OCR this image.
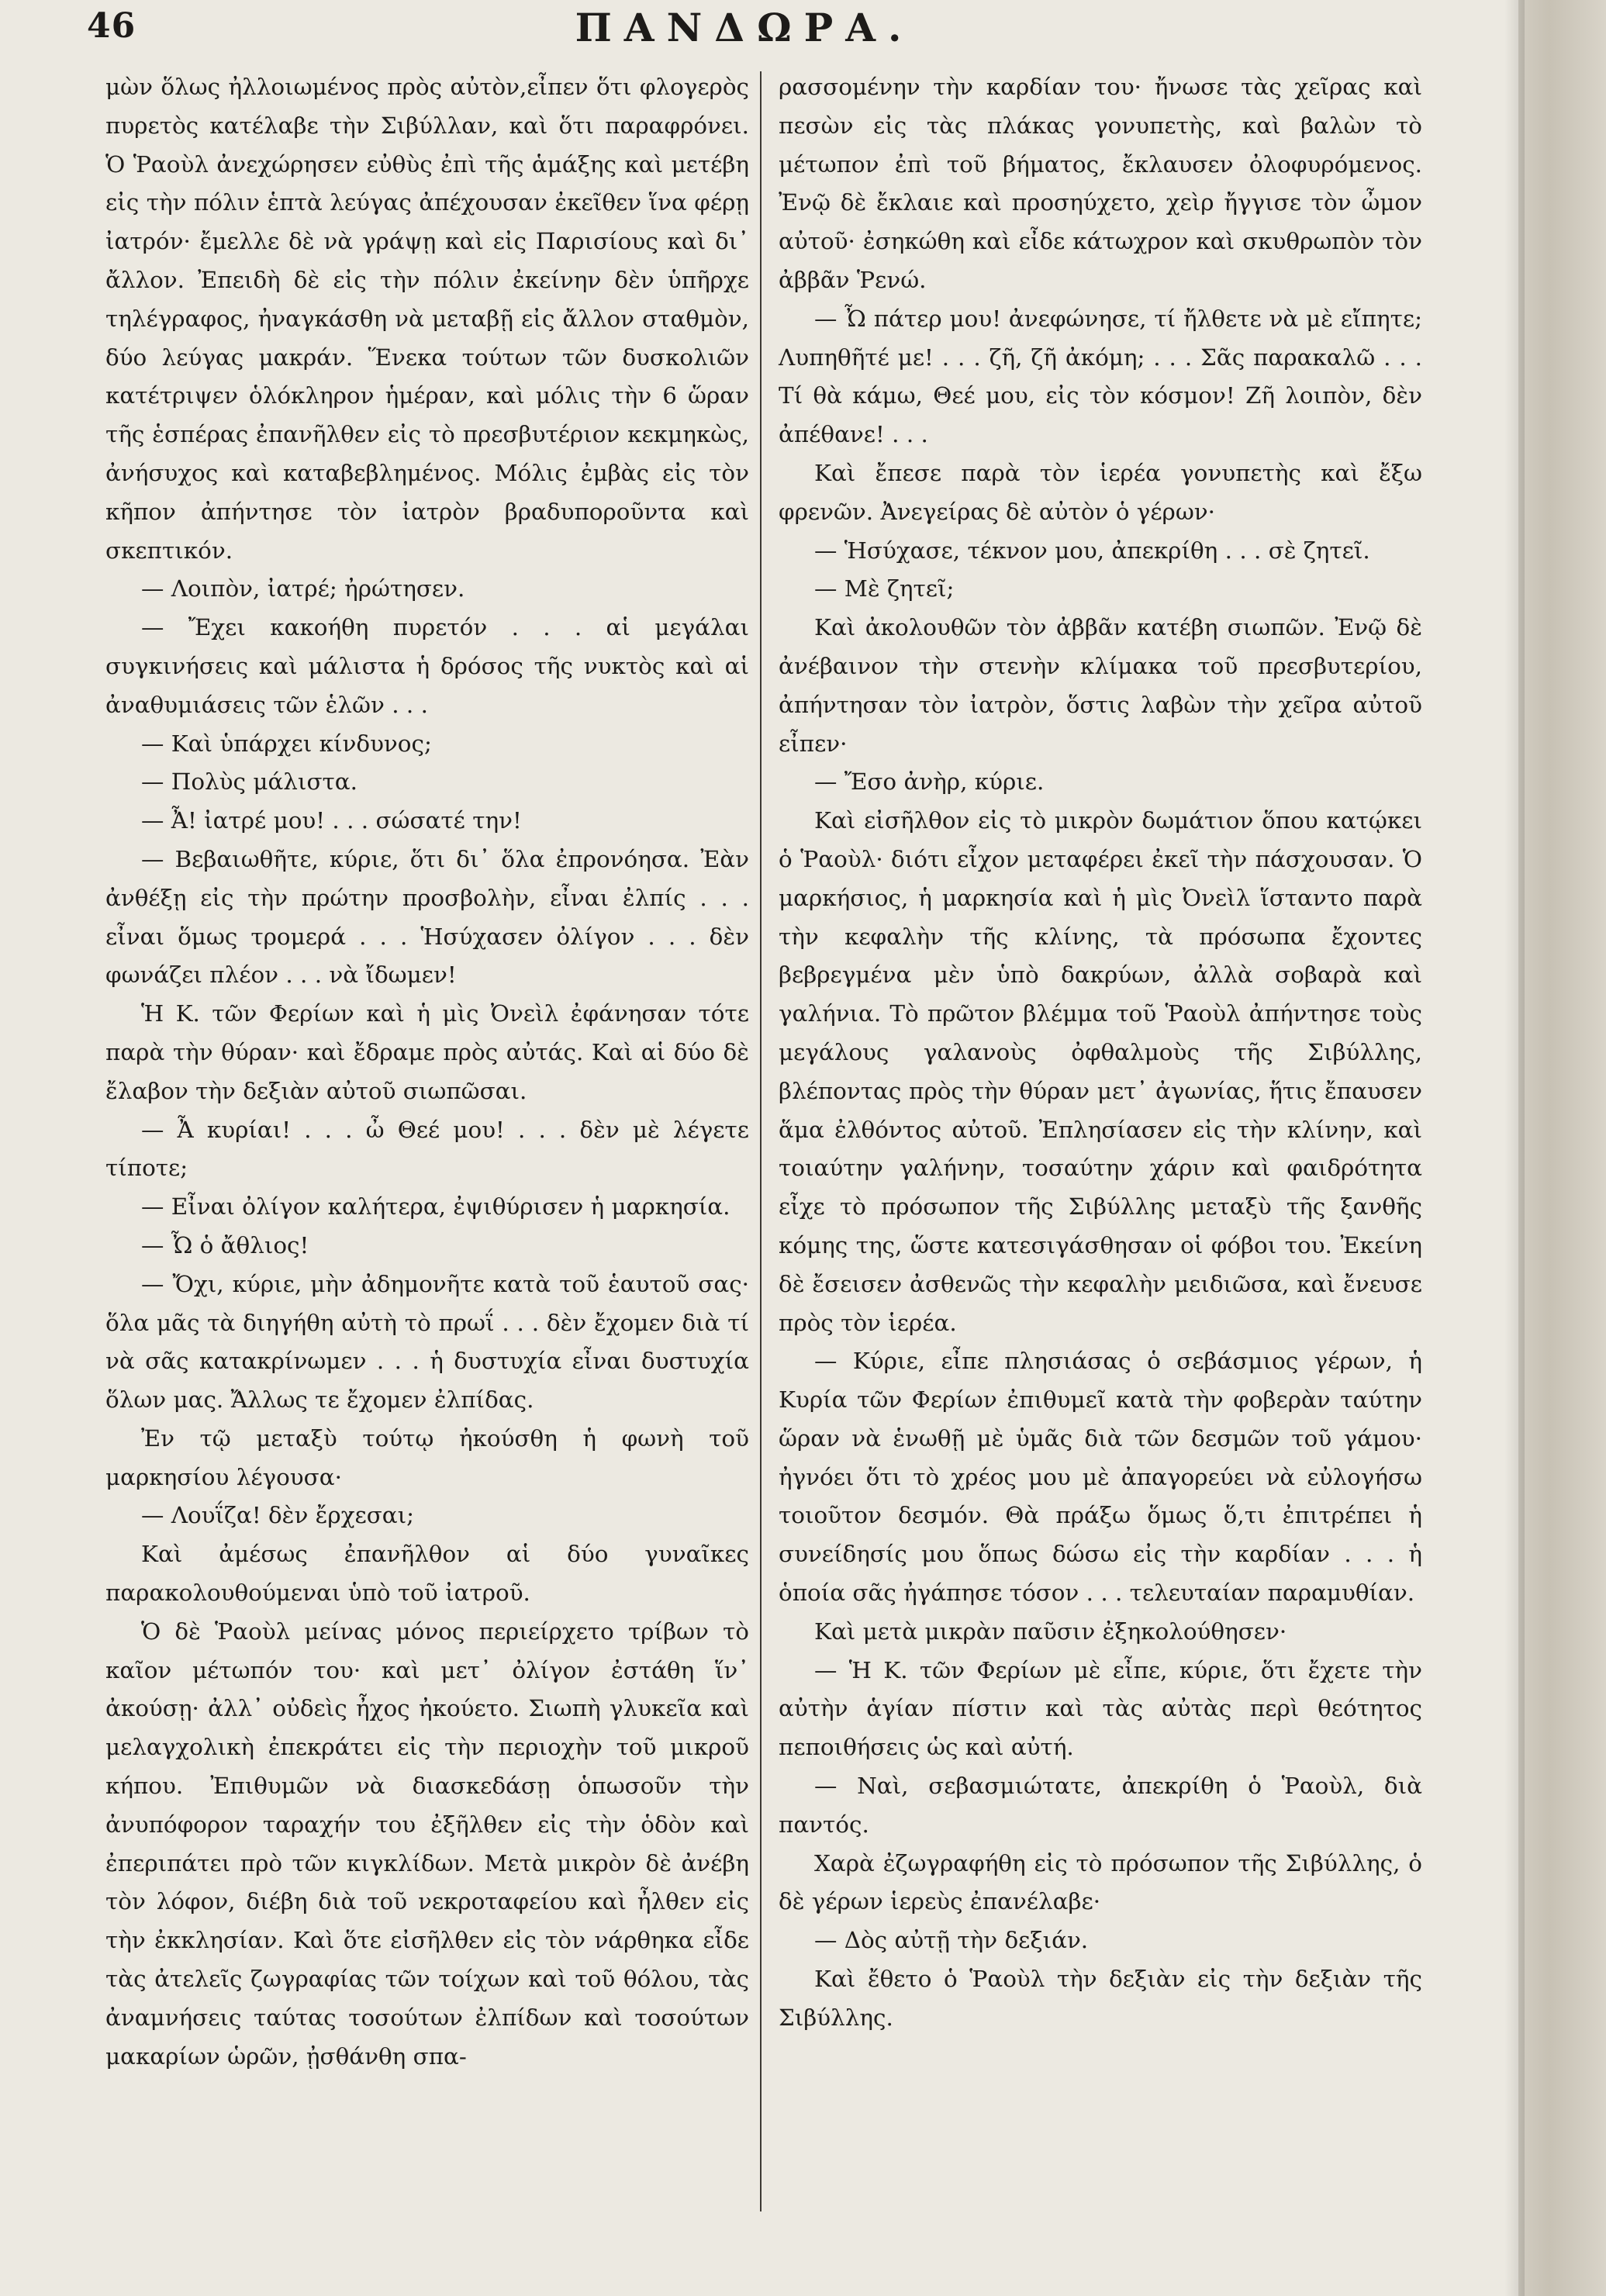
46	ΠΑΝΔΩΡΑ.

μὼν ὅλως ἠλλοιωμένος πρὸς αὐτὸν,εἶπεν ὅτι φλογερὸς πυρετὸς κατέλαβε τὴν Σιβύλλαν, καὶ ὅτι παραφρόνει. Ὁ Ῥαοὺλ ἀνεχώρησεν εὐθὺς ἐπὶ τῆς ἁμάξης καὶ μετέβη εἰς τὴν πόλιν ἑπτὰ λεύγας ἀπέχουσαν ἐκεῖθεν ἵνα φέρῃ ἰατρόν· ἔμελλε δὲ νὰ γράψῃ καὶ εἰς Παρισίους καὶ δι᾽ ἄλλον. Ἐπειδὴ δὲ εἰς τὴν πόλιν ἐκείνην δὲν ὑπῆρχε τηλέγραφος, ἠναγκάσθη νὰ μεταβῇ εἰς ἄλλον σταθμὸν, δύο λεύγας μακράν. Ἕνεκα τούτων τῶν δυσκολιῶν κατέτριψεν ὁλόκληρον ἡμέραν, καὶ μόλις τὴν 6 ὥραν τῆς ἑσπέρας ἐπανῆλθεν εἰς τὸ πρεσβυτέριον κεκμηκὼς, ἀνήσυχος καὶ καταβεβλημένος. Μόλις ἐμβὰς εἰς τὸν κῆπον ἀπήντησε τὸν ἰατρὸν βραδυποροῦντα καὶ σκεπτικόν.

— Λοιπὸν, ἰατρέ; ἠρώτησεν.

— Ἔχει κακοήθη πυρετόν . . . αἱ μεγάλαι συγκινήσεις καὶ μάλιστα ἡ δρόσος τῆς νυκτὸς καὶ αἱ ἀναθυμιάσεις τῶν ἑλῶν . . .

— Καὶ ὑπάρχει κίνδυνος;

— Πολὺς μάλιστα.

— Ἆ! ἰατρέ μου! . . . σώσατέ την!

— Βεβαιωθῆτε, κύριε, ὅτι δι᾽ ὅλα ἐπρονόησα. Ἐὰν ἀνθέξῃ εἰς τὴν πρώτην προσβολὴν, εἶναι ἐλπίς . . . εἶναι ὅμως τρομερά . . . Ἡσύχασεν ὀλίγον . . . δὲν φωνάζει πλέον . . . νὰ ἴδωμεν!

Ἡ Κ. τῶν Φερίων καὶ ἡ μὶς Ὀνεὶλ ἐφάνησαν τότε παρὰ τὴν θύραν· καὶ ἔδραμε πρὸς αὐτάς. Καὶ αἱ δύο δὲ ἔλαβον τὴν δεξιὰν αὐτοῦ σιωπῶσαι.

— Ἆ κυρίαι! . . . ὦ Θεέ μου! . . . δὲν μὲ λέγετε τίποτε;

— Εἶναι ὀλίγον καλήτερα, ἐψιθύρισεν ἡ μαρκησία.

— Ὦ ὁ ἄθλιος!

— Ὄχι, κύριε, μὴν ἀδημονῆτε κατὰ τοῦ ἑαυτοῦ σας· ὅλα μᾶς τὰ διηγήθη αὐτὴ τὸ πρωΐ . . . δὲν ἔχομεν διὰ τί νὰ σᾶς κατακρίνωμεν . . . ἡ δυστυχία εἶναι δυστυχία ὅλων μας. Ἄλλως τε ἔχομεν ἐλπίδας.

Ἐν τῷ μεταξὺ τούτῳ ἠκούσθη ἡ φωνὴ τοῦ μαρκησίου λέγουσα·

— Λουΐζα! δὲν ἔρχεσαι;

Καὶ ἀμέσως ἐπανῆλθον αἱ δύο γυναῖκες παρακολουθούμεναι ὑπὸ τοῦ ἰατροῦ.

Ὁ δὲ Ῥαοὺλ μείνας μόνος περιείρχετο τρίβων τὸ καῖον μέτωπόν του· καὶ μετ᾽ ὀλίγον ἐστάθη ἵν᾽ ἀκούσῃ· ἀλλ᾽ οὐδεὶς ἦχος ἠκούετο. Σιωπὴ γλυκεῖα καὶ μελαγχολικὴ ἐπεκράτει εἰς τὴν περιοχὴν τοῦ μικροῦ κήπου. Ἐπιθυμῶν νὰ διασκεδάσῃ ὁπωσοῦν τὴν ἀνυπόφορον ταραχήν του ἐξῆλθεν εἰς τὴν ὁδὸν καὶ ἐπεριπάτει πρὸ τῶν κιγκλίδων. Μετὰ μικρὸν δὲ ἀνέβη τὸν λόφον, διέβη διὰ τοῦ νεκροταφείου καὶ ἦλθεν εἰς τὴν ἐκκλησίαν. Καὶ ὅτε εἰσῆλθεν εἰς τὸν νάρθηκα εἶδε τὰς ἀτελεῖς ζωγραφίας τῶν τοίχων καὶ τοῦ θόλου, τὰς ἀναμνήσεις ταύτας τοσούτων ἐλπίδων καὶ τοσούτων μακαρίων ὡρῶν, ᾐσθάνθη σπα-

ρασσομένην τὴν καρδίαν του· ἤνωσε τὰς χεῖρας καὶ πεσὼν εἰς τὰς πλάκας γονυπετὴς, καὶ βαλὼν τὸ μέτωπον ἐπὶ τοῦ βήματος, ἔκλαυσεν ὀλοφυρόμενος. Ἐνῷ δὲ ἔκλαιε καὶ προσηύχετο, χεὶρ ἤγγισε τὸν ὦμον αὐτοῦ· ἐσηκώθη καὶ εἶδε κάτωχρον καὶ σκυθρωπὸν τὸν ἀββᾶν Ῥενώ.

— Ὦ πάτερ μου! ἀνεφώνησε, τί ἤλθετε νὰ μὲ εἴπητε; Λυπηθῆτέ με! . . . ζῆ, ζῆ ἀκόμη; . . . Σᾶς παρακαλῶ . . . Τί θὰ κάμω, Θεέ μου, εἰς τὸν κόσμον! Ζῆ λοιπὸν, δὲν ἀπέθανε! . . .

Καὶ ἔπεσε παρὰ τὸν ἱερέα γονυπετὴς καὶ ἔξω φρενῶν. Ἀνεγείρας δὲ αὐτὸν ὁ γέρων·

— Ἡσύχασε, τέκνον μου, ἀπεκρίθη . . . σὲ ζητεῖ.

— Μὲ ζητεῖ;

Καὶ ἀκολουθῶν τὸν ἀββᾶν κατέβη σιωπῶν. Ἐνῷ δὲ ἀνέβαινον τὴν στενὴν κλίμακα τοῦ πρεσβυτερίου, ἀπήντησαν τὸν ἰατρὸν, ὅστις λαβὼν τὴν χεῖρα αὐτοῦ εἶπεν·

— Ἔσο ἀνὴρ, κύριε.

Καὶ εἰσῆλθον εἰς τὸ μικρὸν δωμάτιον ὅπου κατῴκει ὁ Ῥαοὺλ· διότι εἶχον μεταφέρει ἐκεῖ τὴν πάσχουσαν. Ὁ μαρκήσιος, ἡ μαρκησία καὶ ἡ μὶς Ὀνεὶλ ἵσταντο παρὰ τὴν κεφαλὴν τῆς κλίνης, τὰ πρόσωπα ἔχοντες βεβρεγμένα μὲν ὑπὸ δακρύων, ἀλλὰ σοβαρὰ καὶ γαλήνια. Τὸ πρῶτον βλέμμα τοῦ Ῥαοὺλ ἀπήντησε τοὺς μεγάλους γαλανοὺς ὀφθαλμοὺς τῆς Σιβύλλης, βλέποντας πρὸς τὴν θύραν μετ᾽ ἀγωνίας, ἥτις ἔπαυσεν ἅμα ἐλθόντος αὐτοῦ. Ἐπλησίασεν εἰς τὴν κλίνην, καὶ τοιαύτην γαλήνην, τοσαύτην χάριν καὶ φαιδρότητα εἶχε τὸ πρόσωπον τῆς Σιβύλλης μεταξὺ τῆς ξανθῆς κόμης της, ὥστε κατεσιγάσθησαν οἱ φόβοι του. Ἐκείνη δὲ ἔσεισεν ἀσθενῶς τὴν κεφαλὴν μειδιῶσα, καὶ ἔνευσε πρὸς τὸν ἱερέα.

— Κύριε, εἶπε πλησιάσας ὁ σεβάσμιος γέρων, ἡ Κυρία τῶν Φερίων ἐπιθυμεῖ κατὰ τὴν φοβερὰν ταύτην ὥραν νὰ ἑνωθῇ μὲ ὑμᾶς διὰ τῶν δεσμῶν τοῦ γάμου· ἠγνόει ὅτι τὸ χρέος μου μὲ ἀπαγορεύει νὰ εὐλογήσω τοιοῦτον δεσμόν. Θὰ πράξω ὅμως ὅ,τι ἐπιτρέπει ἡ συνείδησίς μου ὅπως δώσω εἰς τὴν καρδίαν . . . ἡ ὁποία σᾶς ἠγάπησε τόσον . . . τελευταίαν παραμυθίαν.

Καὶ μετὰ μικρὰν παῦσιν ἐξηκολούθησεν·

— Ἡ Κ. τῶν Φερίων μὲ εἶπε, κύριε, ὅτι ἔχετε τὴν αὐτὴν ἁγίαν πίστιν καὶ τὰς αὐτὰς περὶ θεότητος πεποιθήσεις ὡς καὶ αὐτή.

— Ναὶ, σεβασμιώτατε, ἀπεκρίθη ὁ Ῥαοὺλ, διὰ παντός.

Χαρὰ ἐζωγραφήθη εἰς τὸ πρόσωπον τῆς Σιβύλλης, ὁ δὲ γέρων ἱερεὺς ἐπανέλαβε·

— Δὸς αὐτῇ τὴν δεξιάν.

Καὶ ἔθετο ὁ Ῥαοὺλ τὴν δεξιὰν εἰς τὴν δεξιὰν τῆς Σιβύλλης.
